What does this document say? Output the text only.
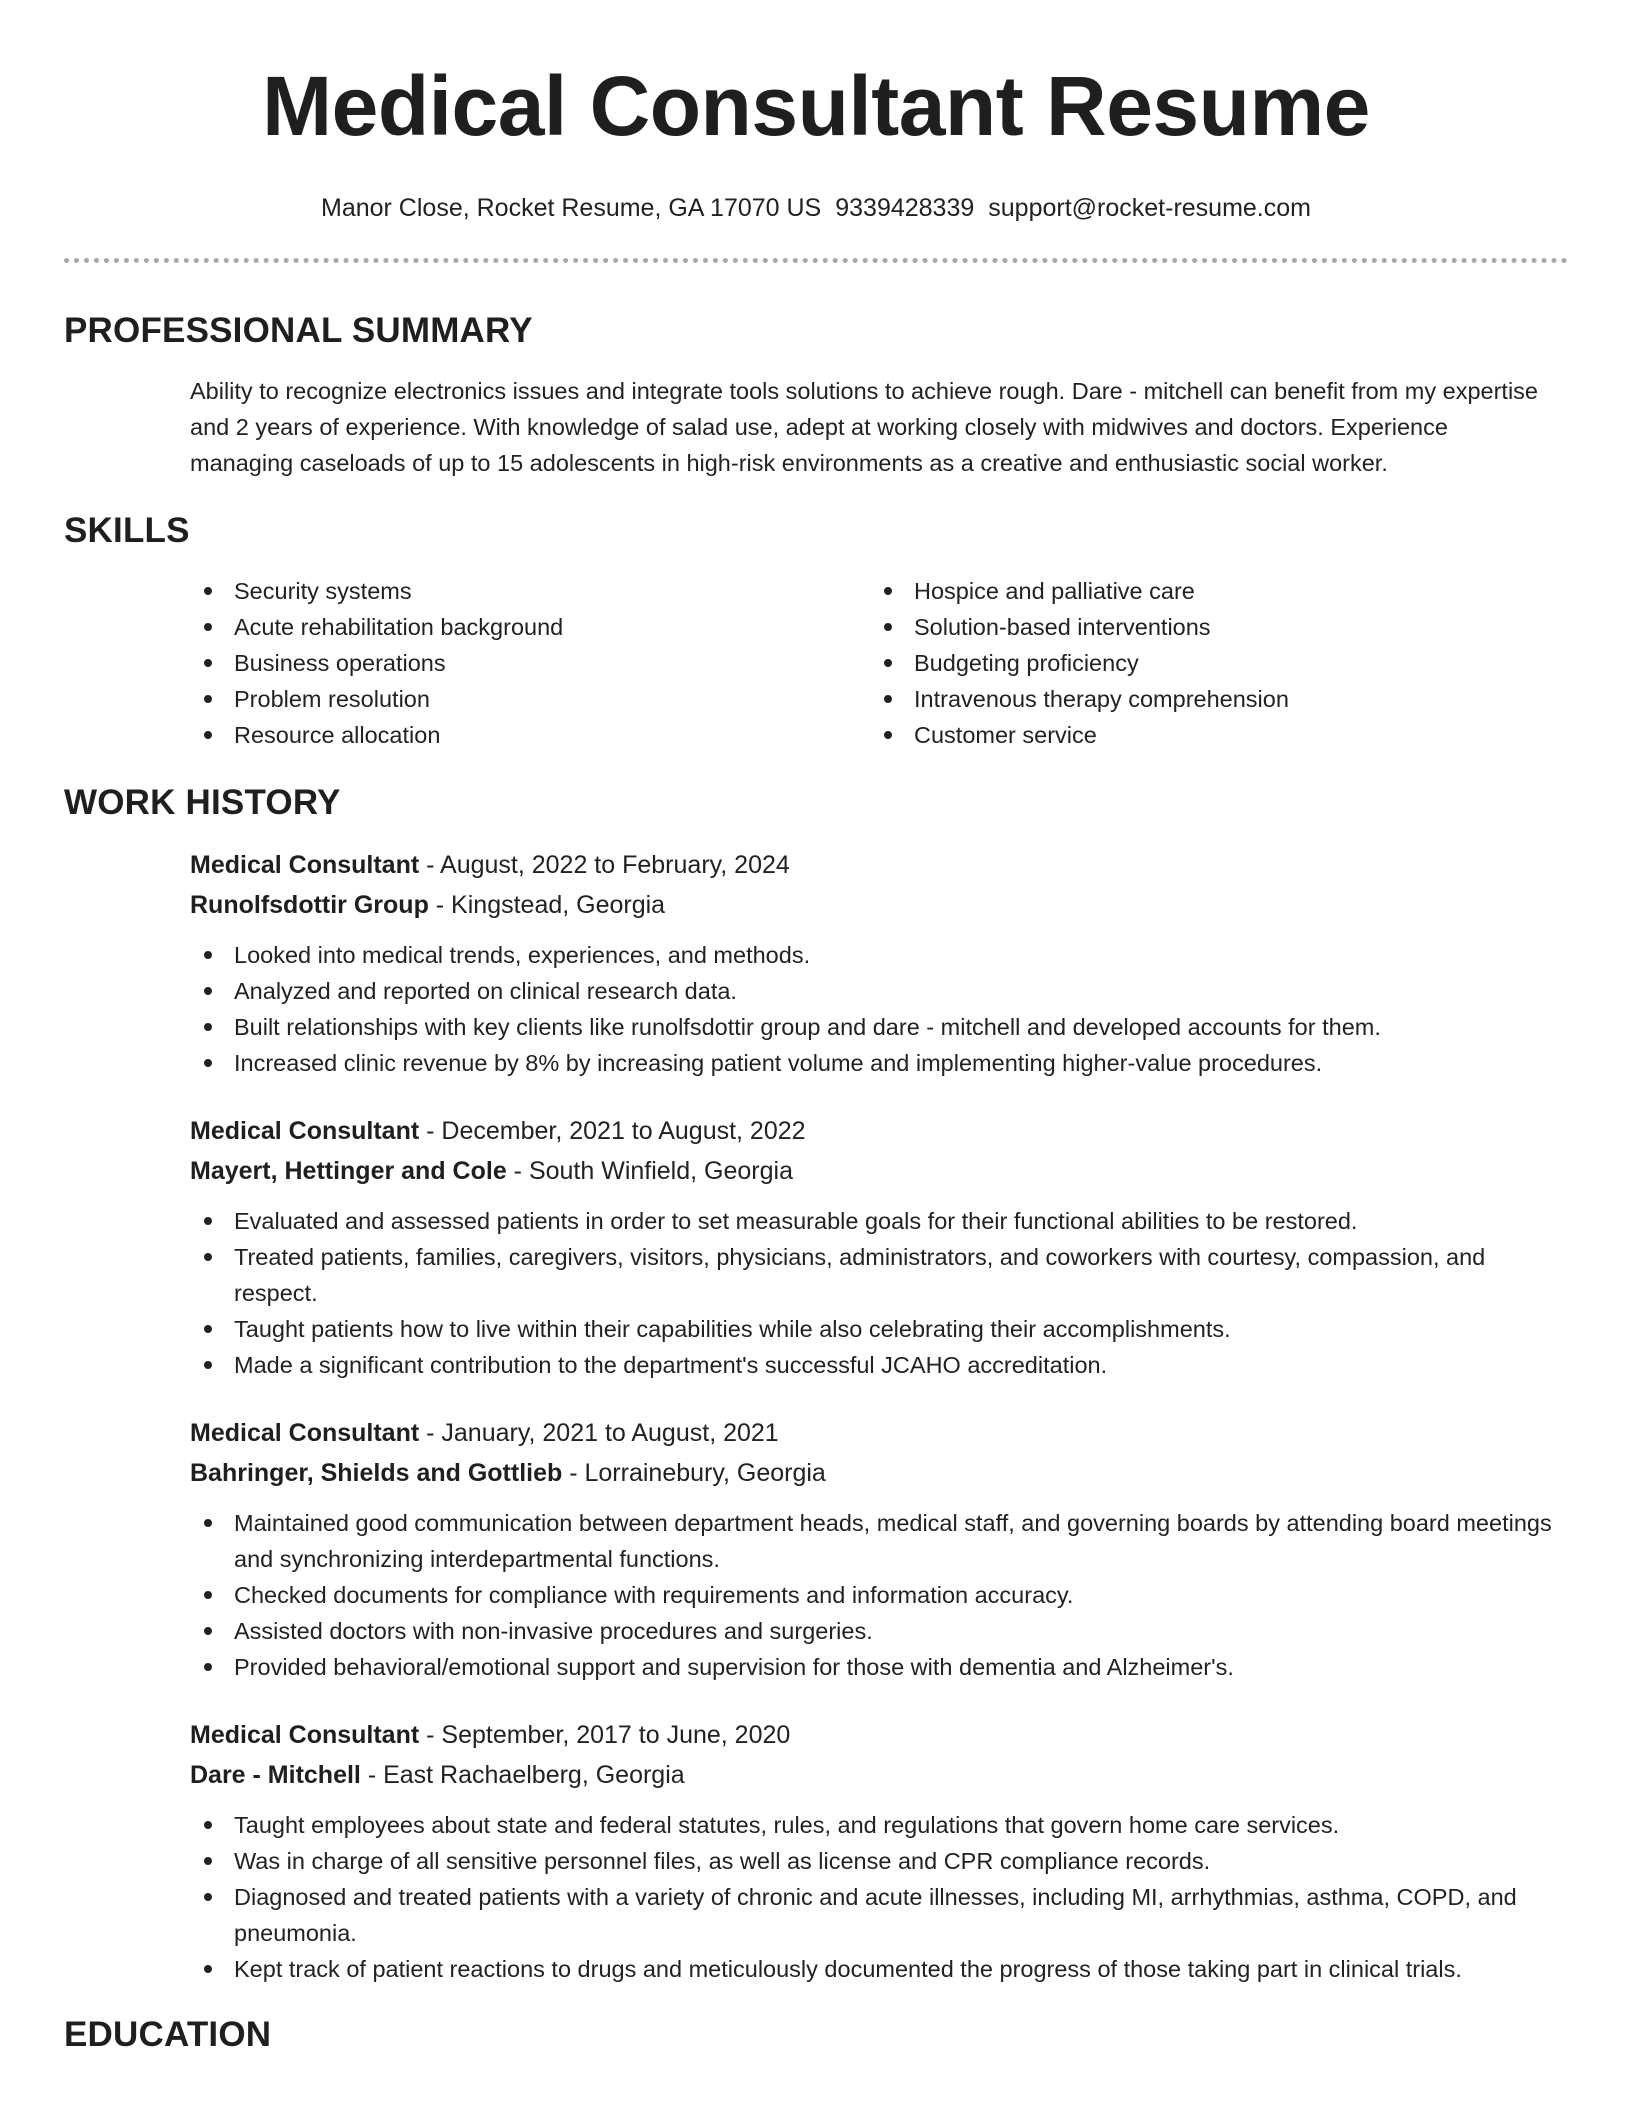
Medical Consultant Resume
Manor Close, Rocket Resume, GA 17070 US 9339428339 support@rocket-resume.com
PROFESSIONAL SUMMARY

Ability to recognize electronics issues and integrate tools solutions to achieve rough. Dare - mitchell can benefit from my expertise and 2 years of experience. With knowledge of salad use, adept at working closely with midwives and doctors. Experience managing caseloads of up to 15 adolescents in high-risk environments as a creative and enthusiastic social worker.

SKILLS
Security systems
Acute rehabilitation background
Business operations
Problem resolution
Resource allocation
Hospice and palliative care
Solution-based interventions
Budgeting proficiency
Intravenous therapy comprehension
Customer service
WORK HISTORY
Medical Consultant - August, 2022 to February, 2024
Runolfsdottir Group - Kingstead, Georgia
Looked into medical trends, experiences, and methods.
Analyzed and reported on clinical research data.
Built relationships with key clients like runolfsdottir group and dare - mitchell and developed accounts for them.
Increased clinic revenue by 8% by increasing patient volume and implementing higher-value procedures.
Medical Consultant - December, 2021 to August, 2022
Mayert, Hettinger and Cole - South Winfield, Georgia
Evaluated and assessed patients in order to set measurable goals for their functional abilities to be restored.
Treated patients, families, caregivers, visitors, physicians, administrators, and coworkers with courtesy, compassion, and respect.
Taught patients how to live within their capabilities while also celebrating their accomplishments.
Made a significant contribution to the department's successful JCAHO accreditation.
Medical Consultant - January, 2021 to August, 2021
Bahringer, Shields and Gottlieb - Lorrainebury, Georgia
Maintained good communication between department heads, medical staff, and governing boards by attending board meetings and synchronizing interdepartmental functions.
Checked documents for compliance with requirements and information accuracy.
Assisted doctors with non-invasive procedures and surgeries.
Provided behavioral/emotional support and supervision for those with dementia and Alzheimer's.
Medical Consultant - September, 2017 to June, 2020
Dare - Mitchell - East Rachaelberg, Georgia
Taught employees about state and federal statutes, rules, and regulations that govern home care services.
Was in charge of all sensitive personnel files, as well as license and CPR compliance records.
Diagnosed and treated patients with a variety of chronic and acute illnesses, including MI, arrhythmias, asthma, COPD, and pneumonia.
Kept track of patient reactions to drugs and meticulously documented the progress of those taking part in clinical trials.
EDUCATION
